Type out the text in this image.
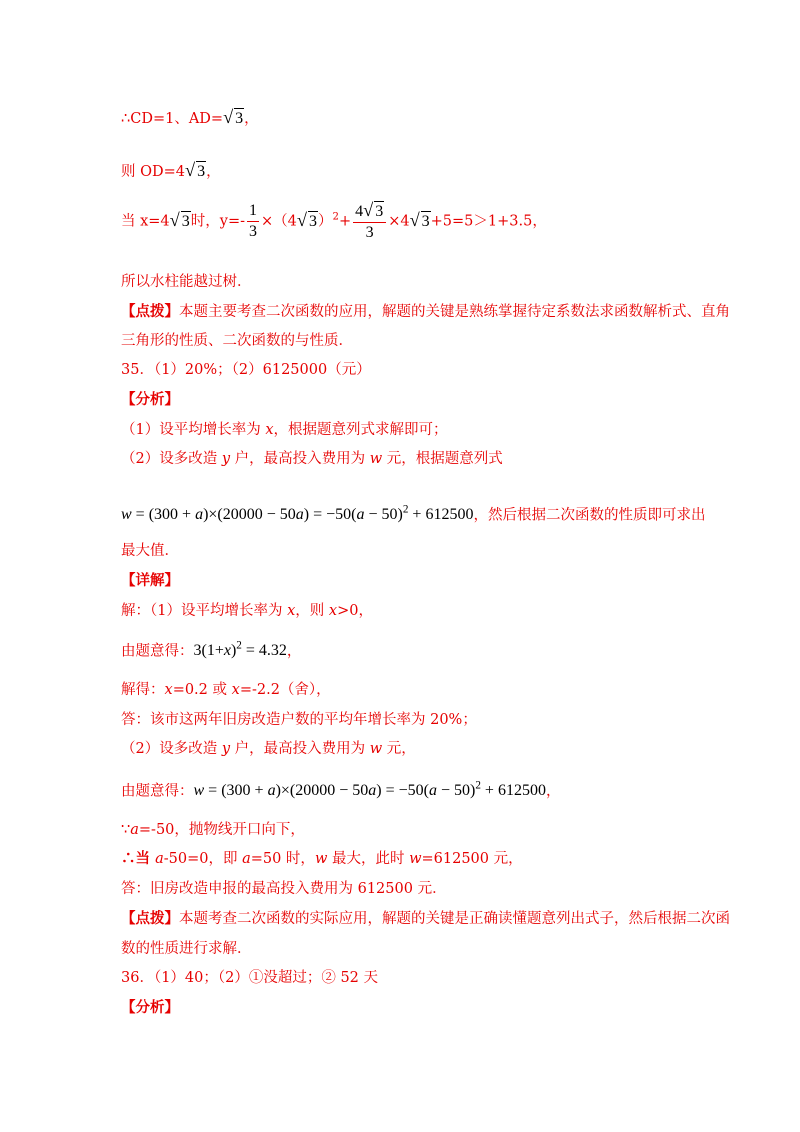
∴CD=1、AD=√ 3，
则 OD=4√ 3，
当 x=4√ 3时，$y=- \frac{1}{3} \times(4√$ $3)^2+ \frac{4√ 3}{3} \times 4√$ 3+5=5＞1+3.5，
所以水柱能越过树．
【点拨】本题主要考查二次函数的应用，解题的关键是熟练掌握待定系数法求函数解析式、直角
三角形的性质、二次函数的与性质．
35．（1）20%；（2）6125000（元）
【分析】
（1）设平均增长率为 x，根据题意列式求解即可；
（2）设多改造 y 户，最高投入费用为 w 元，根据题意列式
$w = (300 + a)\times(20000 - 50a) = -50(a - 50)^2 + 612500$，然后根据二次函数的性质即可求出
最大值．
【详解】
解：（1）设平均增长率为 x，则 x>0，
由题意得：$3(1+x)^2 = 4.32$，
解得：x=0.2 或 x=-2.2（舍），
答：该市这两年旧房改造户数的平均年增长率为 20%；
（2）设多改造 y 户，最高投入费用为 w 元，
由题意得：$w = (300 + a)\times(20000 - 50a) = -50(a - 50)^2 + 612500$，
∵a=-50，抛物线开口向下，
∴当 a-50=0，即 a=50 时，w 最大，此时 w=612500 元，
答：旧房改造申报的最高投入费用为 612500 元．
【点拨】本题考查二次函数的实际应用，解题的关键是正确读懂题意列出式子，然后根据二次函
数的性质进行求解．
36．（1）40；（2）①没超过；② 52 天
【分析】
